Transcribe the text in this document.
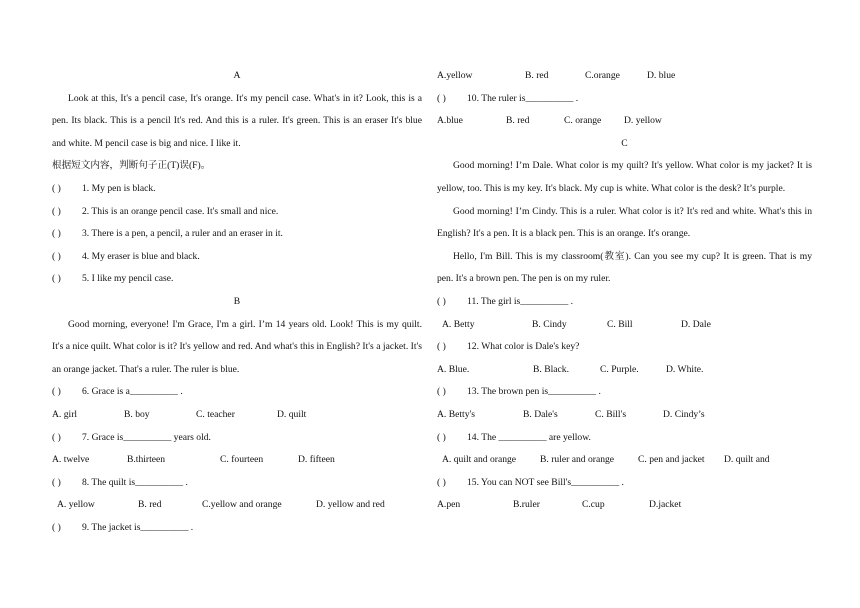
A
Look at this, It's a pencil case, It's orange. It's my pencil case. What's in it? Look, this is a pen. Its black. This is a pencil It's red. And this is a ruler. It's green. This is an eraser It's blue and white. M pencil case is big and nice. I like it.
根据短文内容，判断句子正(T)误(F)。
( ) 1. My pen is black.
( ) 2. This is an orange pencil case. It's small and nice.
( ) 3. There is a pen, a pencil, a ruler and an eraser in it.
( ) 4. My eraser is blue and black.
( ) 5. I like my pencil case.
B
Good morning, everyone! I'm Grace, I'm a girl. I’m 14 years old. Look! This is my quilt. It's a nice quilt. What color is it? It's yellow and red. And what's this in English? It's a jacket. It's an orange jacket. That's a ruler. The ruler is blue.
( ) 6. Grace is a__________ .
A. girl	B. boy	C. teacher	D. quilt
( ) 7. Grace is__________ years old.
A. twelve	B.thirteen	C. fourteen	D. fifteen
( ) 8. The quilt is__________ .
A. yellow	B. red	C.yellow and orange	D. yellow and red
( ) 9. The jacket is__________ .
A.yellow	B. red	C.orange	D. blue
( ) 10. The ruler is__________ .
A.blue	B. red	C. orange D. yellow
C
Good morning! I’m Dale. What color is my quilt? It's yellow. What color is my jacket? It is yellow, too. This is my key. It's black. My cup is white. What color is the desk? It’s purple.
Good morning! I’m Cindy. This is a ruler. What color is it? It's red and white. What's this in English? It's a pen. It is a black pen. This is an orange. It's orange.
Hello, I'm Bill. This is my classroom(教室). Can you see my cup? It is green. That is my pen. It's a brown pen. The pen is on my ruler.
( ) 11. The girl is__________ .
A. Betty	B. Cindy	C. Bill	D. Dale
( ) 12. What color is Dale's key?
A. Blue.	B. Black.	C. Purple.	D. White.
( ) 13. The brown pen is__________ .
A. Betty's	B. Dale's	C. Bill's	D. Cindy’s
( ) 14. The __________ are yellow.
A. quilt and orange B. ruler and orange C. pen and jacket D. quilt and
( ) 15. You can NOT see Bill's__________ .
A.pen	B.ruler	C.cup	D.jacket
